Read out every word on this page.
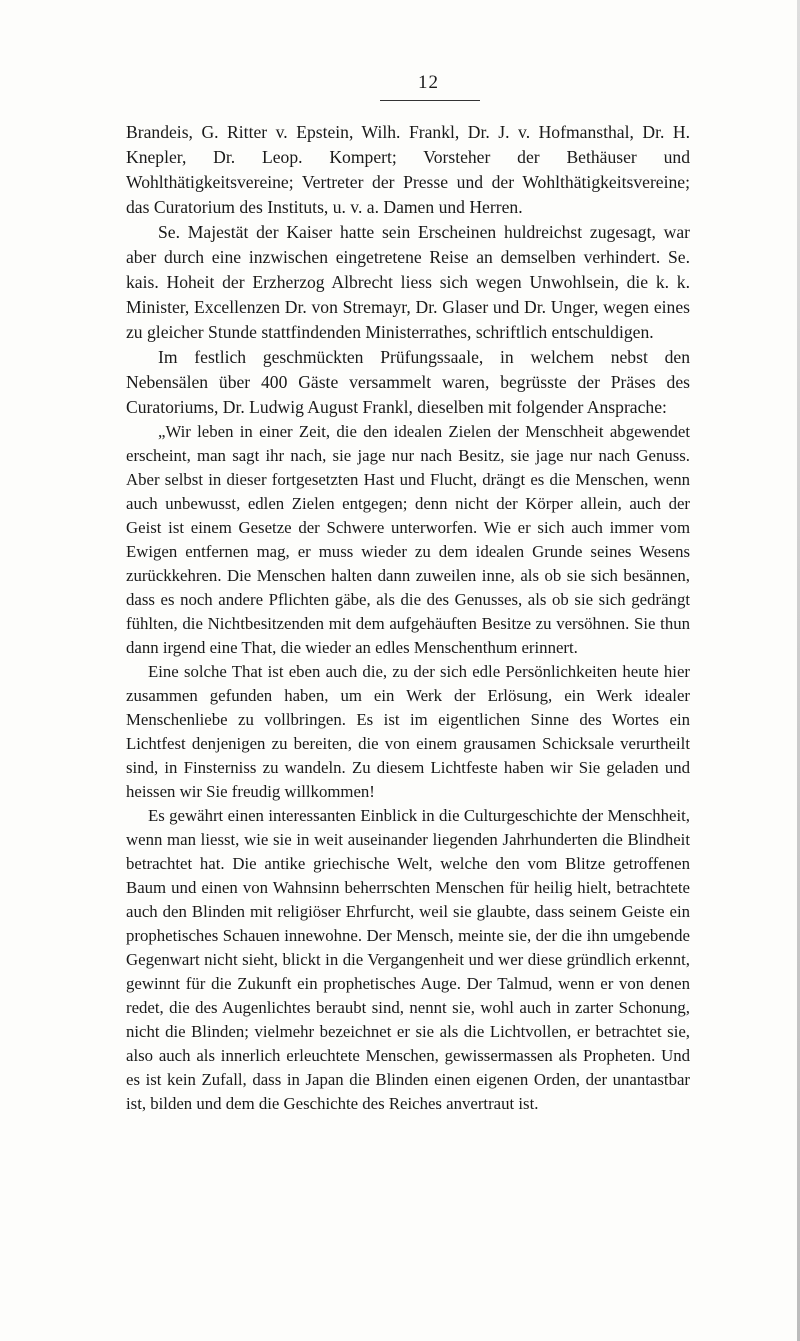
12

Brandeis, G. Ritter v. Epstein, Wilh. Frankl, Dr. J. v. Hofmansthal, Dr. H. Knepler, Dr. Leop. Kompert; Vorsteher der Bethäuser und Wohlthätigkeitsvereine; Vertreter der Presse und der Wohlthätigkeitsvereine; das Curatorium des Instituts, u. v. a. Damen und Herren.

Se. Majestät der Kaiser hatte sein Erscheinen huldreichst zugesagt, war aber durch eine inzwischen eingetretene Reise an demselben verhindert. Se. kais. Hoheit der Erzherzog Albrecht liess sich wegen Unwohlsein, die k. k. Minister, Excellenzen Dr. von Stremayr, Dr. Glaser und Dr. Unger, wegen eines zu gleicher Stunde stattfindenden Ministerrathes, schriftlich entschuldigen.

Im festlich geschmückten Prüfungssaale, in welchem nebst den Nebensälen über 400 Gäste versammelt waren, begrüsste der Präses des Curatoriums, Dr. Ludwig August Frankl, dieselben mit folgender Ansprache:

„Wir leben in einer Zeit, die den idealen Zielen der Menschheit abgewendet erscheint, man sagt ihr nach, sie jage nur nach Besitz, sie jage nur nach Genuss. Aber selbst in dieser fortgesetzten Hast und Flucht, drängt es die Menschen, wenn auch unbewusst, edlen Zielen entgegen; denn nicht der Körper allein, auch der Geist ist einem Gesetze der Schwere unterworfen. Wie er sich auch immer vom Ewigen entfernen mag, er muss wieder zu dem idealen Grunde seines Wesens zurückkehren. Die Menschen halten dann zuweilen inne, als ob sie sich besännen, dass es noch andere Pflichten gäbe, als die des Genusses, als ob sie sich gedrängt fühlten, die Nichtbesitzenden mit dem aufgehäuften Besitze zu versöhnen. Sie thun dann irgend eine That, die wieder an edles Menschenthum erinnert.

Eine solche That ist eben auch die, zu der sich edle Persönlichkeiten heute hier zusammen gefunden haben, um ein Werk der Erlösung, ein Werk idealer Menschenliebe zu vollbringen. Es ist im eigentlichen Sinne des Wortes ein Lichtfest denjenigen zu bereiten, die von einem grausamen Schicksale verurtheilt sind, in Finsterniss zu wandeln. Zu diesem Lichtfeste haben wir Sie geladen und heissen wir Sie freudig willkommen!

Es gewährt einen interessanten Einblick in die Culturgeschichte der Menschheit, wenn man liesst, wie sie in weit auseinander liegenden Jahrhunderten die Blindheit betrachtet hat. Die antike griechische Welt, welche den vom Blitze getroffenen Baum und einen von Wahnsinn beherrschten Menschen für heilig hielt, betrachtete auch den Blinden mit religiöser Ehrfurcht, weil sie glaubte, dass seinem Geiste ein prophetisches Schauen innewohne. Der Mensch, meinte sie, der die ihn umgebende Gegenwart nicht sieht, blickt in die Vergangenheit und wer diese gründlich erkennt, gewinnt für die Zukunft ein prophetisches Auge. Der Talmud, wenn er von denen redet, die des Augenlichtes beraubt sind, nennt sie, wohl auch in zarter Schonung, nicht die Blinden; vielmehr bezeichnet er sie als die Lichtvollen, er betrachtet sie, also auch als innerlich erleuchtete Menschen, gewissermassen als Propheten. Und es ist kein Zufall, dass in Japan die Blinden einen eigenen Orden, der unantastbar ist, bilden und dem die Geschichte des Reiches anvertraut ist.
